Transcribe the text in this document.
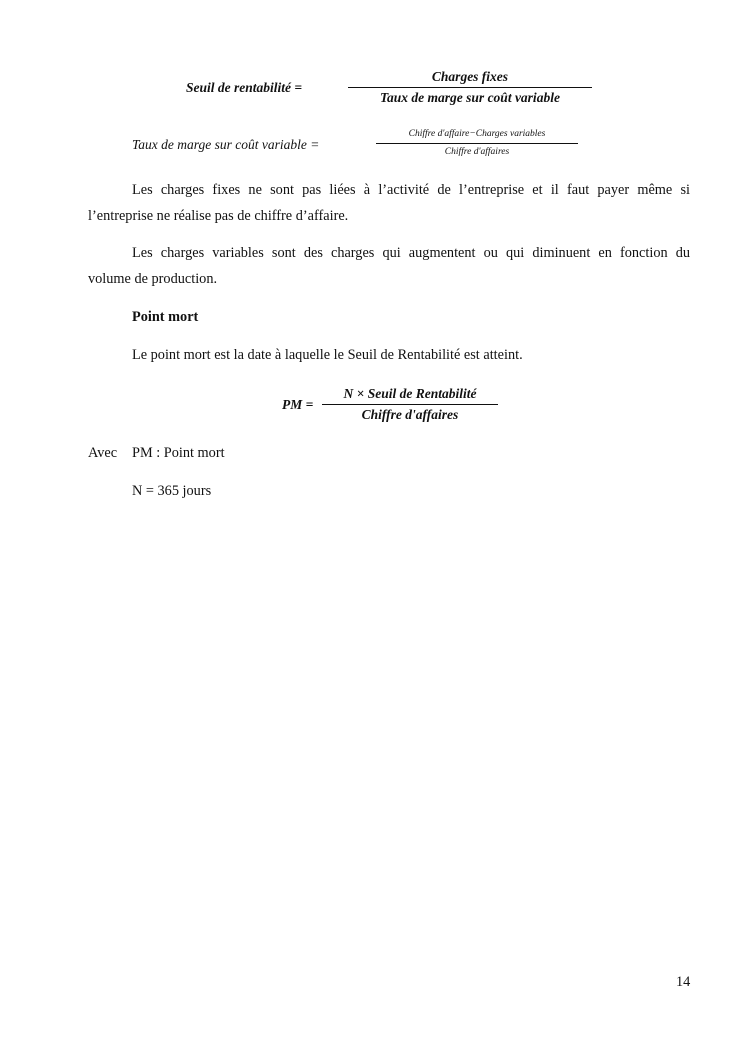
Seuil de rentabilité =
Charges fixes
Taux de marge sur coût variable
Taux de marge sur coût variable =
Chiffre d'affaire−Charges variables
Chiffre d'affaires
Les charges fixes ne sont pas liées à l’activité de l’entreprise et il faut payer même si
l’entreprise ne réalise pas de chiffre d’affaire.
Les charges variables sont des charges qui augmentent ou qui diminuent en fonction du
volume de production.
Point mort
Le point mort est la date à laquelle le Seuil de Rentabilité est atteint.
PM =
N × Seuil de Rentabilité
Chiffre d'affaires
Avec PM : Point mort
N = 365 jours
14
